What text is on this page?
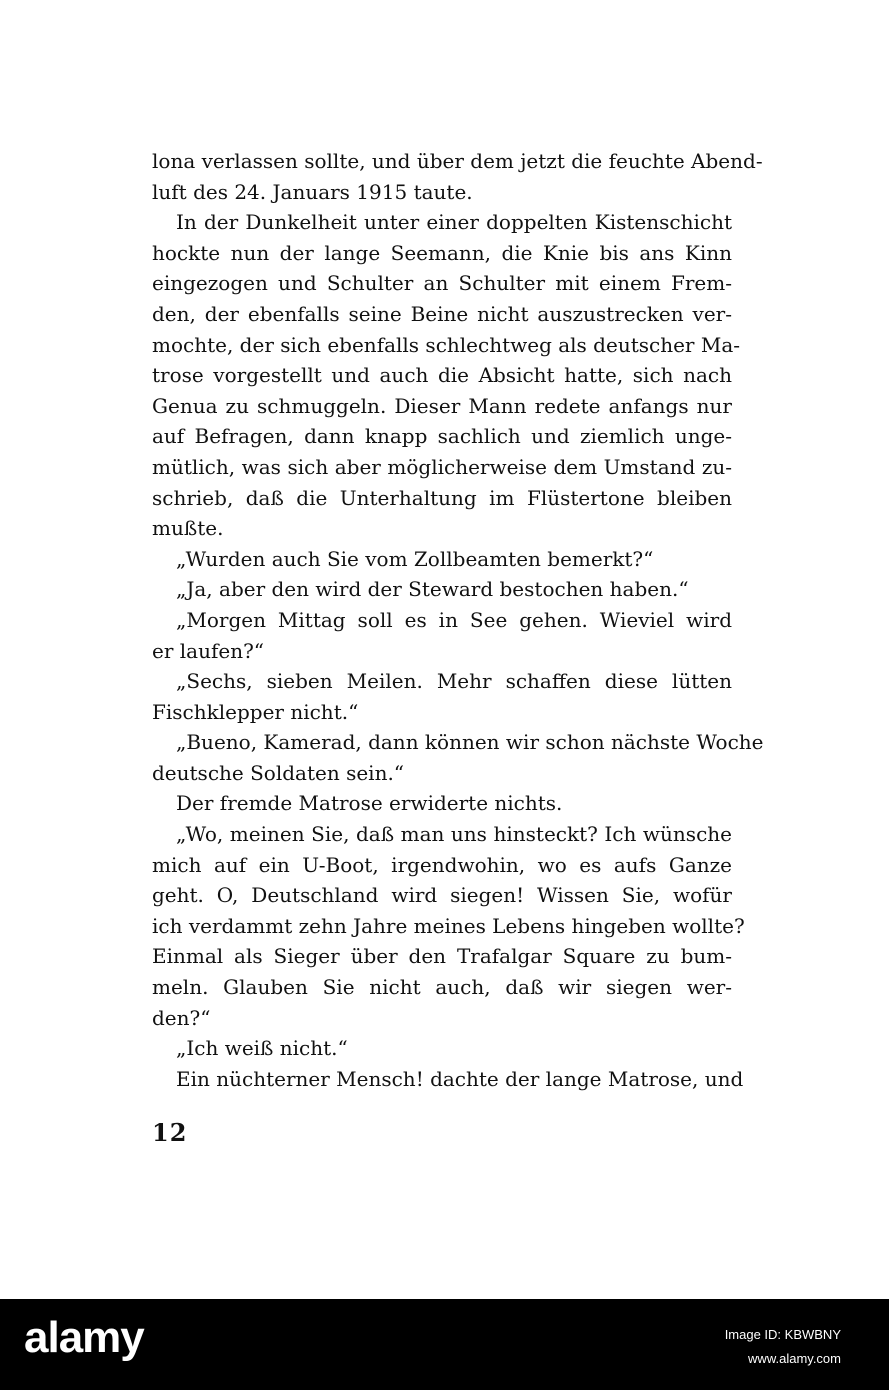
lona verlassen sollte, und über dem jetzt die feuchte Abend-
luft des 24. Januars 1915 taute.
In der Dunkelheit unter einer doppelten Kistenschicht
hockte nun der lange Seemann, die Knie bis ans Kinn
eingezogen und Schulter an Schulter mit einem Frem-
den, der ebenfalls seine Beine nicht auszustrecken ver-
mochte, der sich ebenfalls schlechtweg als deutscher Ma-
trose vorgestellt und auch die Absicht hatte, sich nach
Genua zu schmuggeln. Dieser Mann redete anfangs nur
auf Befragen, dann knapp sachlich und ziemlich unge-
mütlich, was sich aber möglicherweise dem Umstand zu-
schrieb, daß die Unterhaltung im Flüstertone bleiben
mußte.
„Wurden auch Sie vom Zollbeamten bemerkt?“
„Ja, aber den wird der Steward bestochen haben.“
„Morgen Mittag soll es in See gehen. Wieviel wird
er laufen?“
„Sechs, sieben Meilen. Mehr schaffen diese lütten
Fischklepper nicht.“
„Bueno, Kamerad, dann können wir schon nächste Woche
deutsche Soldaten sein.“
Der fremde Matrose erwiderte nichts.
„Wo, meinen Sie, daß man uns hinsteckt? Ich wünsche
mich auf ein U-Boot, irgendwohin, wo es aufs Ganze
geht. O, Deutschland wird siegen! Wissen Sie, wofür
ich verdammt zehn Jahre meines Lebens hingeben wollte?
Einmal als Sieger über den Trafalgar Square zu bum-
meln. Glauben Sie nicht auch, daß wir siegen wer-
den?“
„Ich weiß nicht.“
Ein nüchterner Mensch! dachte der lange Matrose, und
12
alamy	Image ID: KBWBNY
www.alamy.com
